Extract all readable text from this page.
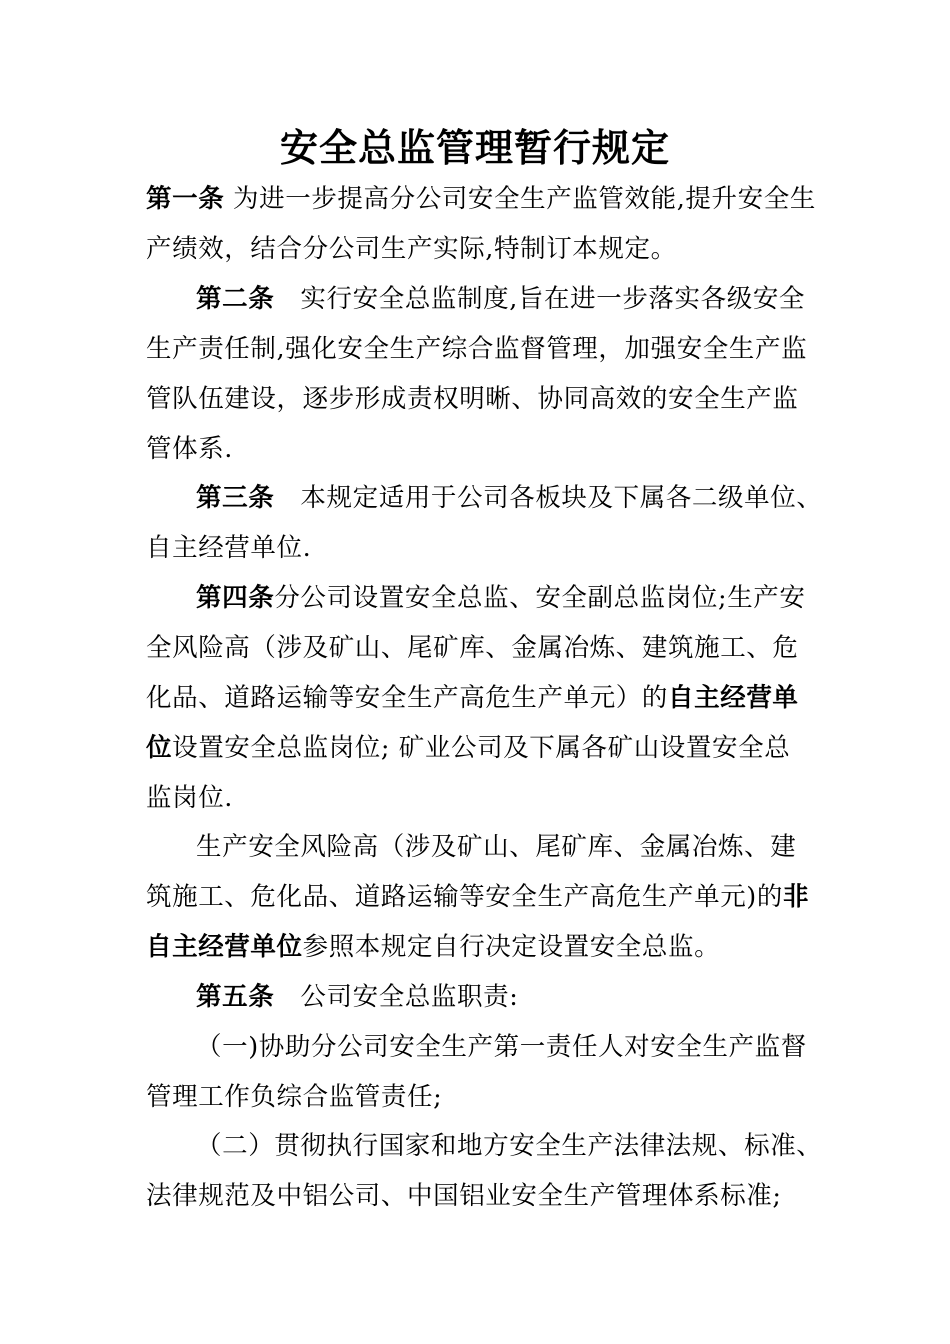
安全总监管理暂行规定
第一条 为进一步提高分公司安全生产监管效能,提升安全生
产绩效，结合分公司生产实际,特制订本规定。
第二条　实行安全总监制度,旨在进一步落实各级安全
生产责任制,强化安全生产综合监督管理，加强安全生产监
管队伍建设，逐步形成责权明晰、协同高效的安全生产监
管体系.
第三条　本规定适用于公司各板块及下属各二级单位、
自主经营单位.
第四条分公司设置安全总监、安全副总监岗位;生产安
全风险高（涉及矿山、尾矿库、金属冶炼、建筑施工、危
化品、道路运输等安全生产高危生产单元）的自主经营单
位设置安全总监岗位; 矿业公司及下属各矿山设置安全总
监岗位.
生产安全风险高（涉及矿山、尾矿库、金属冶炼、建
筑施工、危化品、道路运输等安全生产高危生产单元)的非
自主经营单位参照本规定自行决定设置安全总监。
第五条　公司安全总监职责:
（一)协助分公司安全生产第一责任人对安全生产监督
管理工作负综合监管责任;
（二）贯彻执行国家和地方安全生产法律法规、标准、
法律规范及中铝公司、中国铝业安全生产管理体系标准;
